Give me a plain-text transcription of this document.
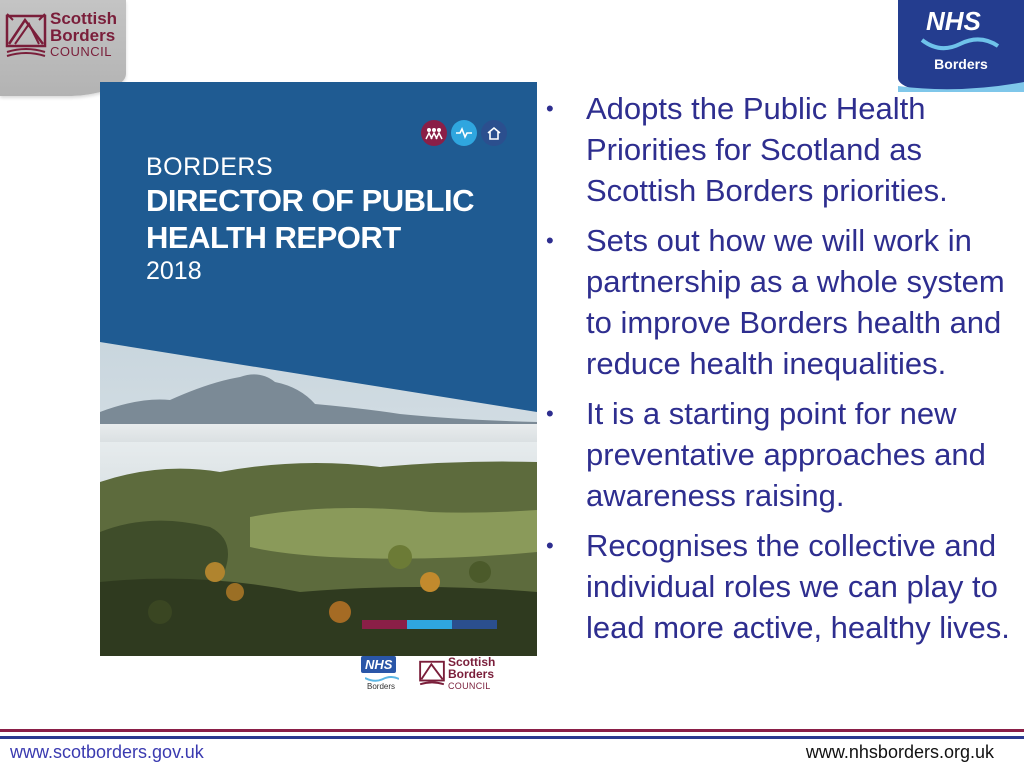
Scottish
Borders
COUNCIL
NHS
Borders
BORDERS
DIRECTOR OF PUBLIC
HEALTH REPORT
2018
NHS
Borders
Scottish
Borders
COUNCIL
• Adopts the Public Health Priorities for Scotland as Scottish Borders priorities.
• Sets out how we will work in partnership as a whole system to improve Borders health and reduce health inequalities.
• It is a starting point for new preventative approaches and awareness raising.
• Recognises the collective and individual roles we can play to lead more active, healthy lives.
www.scotborders.gov.uk	www.nhsborders.org.uk
